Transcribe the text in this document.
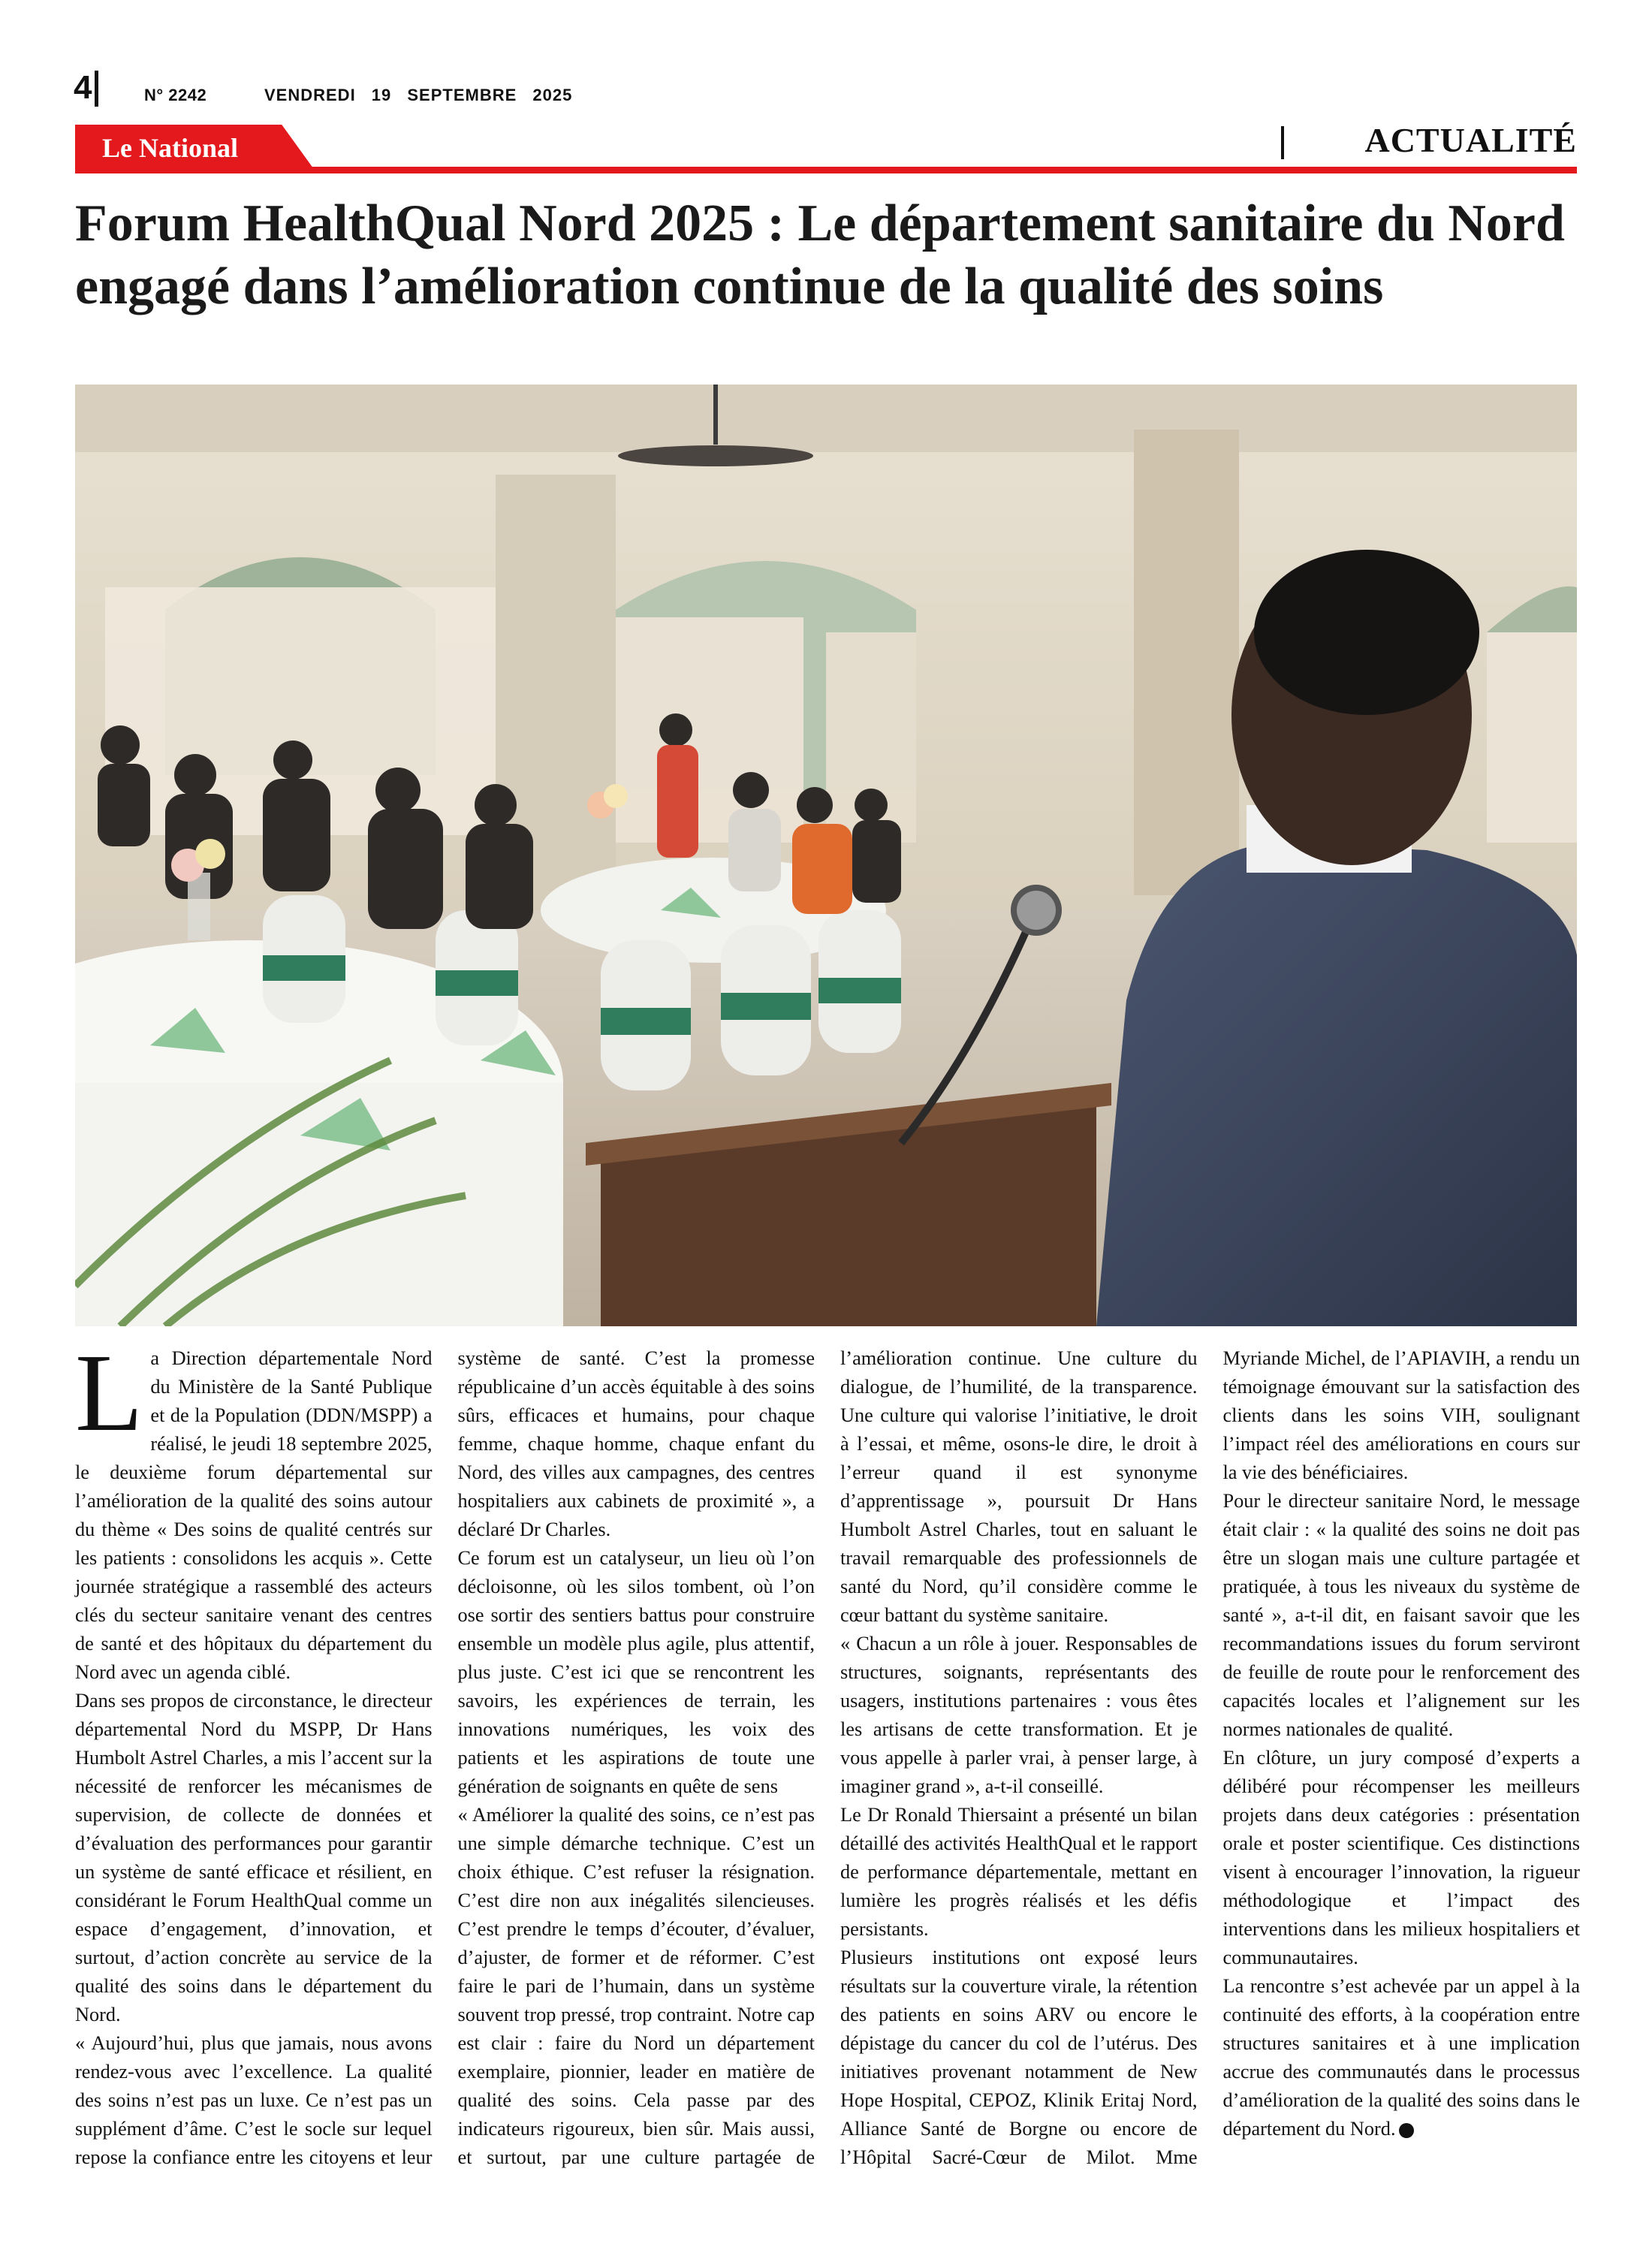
4	N° 2242	VENDREDI 19 SEPTEMBRE 2025
Le National	ACTUALITÉ
Forum HealthQual Nord 2025 : Le département sanitaire du Nord engagé dans l’amélioration continue de la qualité des soins

La Direction départementale Nord du Ministère de la Santé Publique et de la Population (DDN/MSPP) a réalisé, le jeudi 18 septembre 2025, le deuxième forum départemental sur l’amélioration de la qualité des soins autour du thème « Des soins de qualité centrés sur les patients : consolidons les acquis ». Cette journée stratégique a rassemblé des acteurs clés du secteur sanitaire venant des centres de santé et des hôpitaux du département du Nord avec un agenda ciblé.

Dans ses propos de circonstance, le directeur départemental Nord du MSPP, Dr Hans Humbolt Astrel Charles, a mis l’accent sur la nécessité de renforcer les mécanismes de supervision, de collecte de données et d’évaluation des performances pour garantir un système de santé efficace et résilient, en considérant le Forum HealthQual comme un espace d’engagement, d’innovation, et surtout, d’action concrète au service de la qualité des soins dans le département du Nord.

« Aujourd’hui, plus que jamais, nous avons rendez-vous avec l’excellence. La qualité des soins n’est pas un luxe. Ce n’est pas un supplément d’âme. C’est le socle sur lequel repose la confiance entre les citoyens et leur système de santé. C’est la promesse républicaine d’un accès équitable à des soins sûrs, efficaces et humains, pour chaque femme, chaque homme, chaque enfant du Nord, des villes aux campagnes, des centres hospitaliers aux cabinets de proximité », a déclaré Dr Charles.

Ce forum est un catalyseur, un lieu où l’on décloisonne, où les silos tombent, où l’on ose sortir des sentiers battus pour construire ensemble un modèle plus agile, plus attentif, plus juste. C’est ici que se rencontrent les savoirs, les expériences de terrain, les innovations numériques, les voix des patients et les aspirations de toute une génération de soignants en quête de sens

« Améliorer la qualité des soins, ce n’est pas une simple démarche technique. C’est un choix éthique. C’est refuser la résignation. C’est dire non aux inégalités silencieuses. C’est prendre le temps d’écouter, d’évaluer, d’ajuster, de former et de réformer. C’est faire le pari de l’humain, dans un système souvent trop pressé, trop contraint. Notre cap est clair : faire du Nord un département exemplaire, pionnier, leader en matière de qualité des soins. Cela passe par des indicateurs rigoureux, bien sûr. Mais aussi, et surtout, par une culture partagée de l’amélioration continue. Une culture du dialogue, de l’humilité, de la transparence. Une culture qui valorise l’initiative, le droit à l’essai, et même, osons-le dire, le droit à l’erreur quand il est synonyme d’apprentissage », poursuit Dr Hans Humbolt Astrel Charles, tout en saluant le travail remarquable des professionnels de santé du Nord, qu’il considère comme le cœur battant du système sanitaire.

« Chacun a un rôle à jouer. Responsables de structures, soignants, représentants des usagers, institutions partenaires : vous êtes les artisans de cette transformation. Et je vous appelle à parler vrai, à penser large, à imaginer grand », a-t-il conseillé.

Le Dr Ronald Thiersaint a présenté un bilan détaillé des activités HealthQual et le rapport de performance départementale, mettant en lumière les progrès réalisés et les défis persistants.

Plusieurs institutions ont exposé leurs résultats sur la couverture virale, la rétention des patients en soins ARV ou encore le dépistage du cancer du col de l’utérus. Des initiatives provenant notamment de New Hope Hospital, CEPOZ, Klinik Eritaj Nord, Alliance Santé de Borgne ou encore de l’Hôpital Sacré-Cœur de Milot. Mme Myriande Michel, de l’APIAVIH, a rendu un témoignage émouvant sur la satisfaction des clients dans les soins VIH, soulignant l’impact réel des améliorations en cours sur la vie des bénéficiaires.

Pour le directeur sanitaire Nord, le message était clair : « la qualité des soins ne doit pas être un slogan mais une culture partagée et pratiquée, à tous les niveaux du système de santé », a-t-il dit, en faisant savoir que les recommandations issues du forum serviront de feuille de route pour le renforcement des capacités locales et l’alignement sur les normes nationales de qualité.

En clôture, un jury composé d’experts a délibéré pour récompenser les meilleurs projets dans deux catégories : présentation orale et poster scientifique. Ces distinctions visent à encourager l’innovation, la rigueur méthodologique et l’impact des interventions dans les milieux hospitaliers et communautaires.

La rencontre s’est achevée par un appel à la continuité des efforts, à la coopération entre structures sanitaires et à une implication accrue des communautés dans le processus d’amélioration de la qualité des soins dans le département du Nord.
